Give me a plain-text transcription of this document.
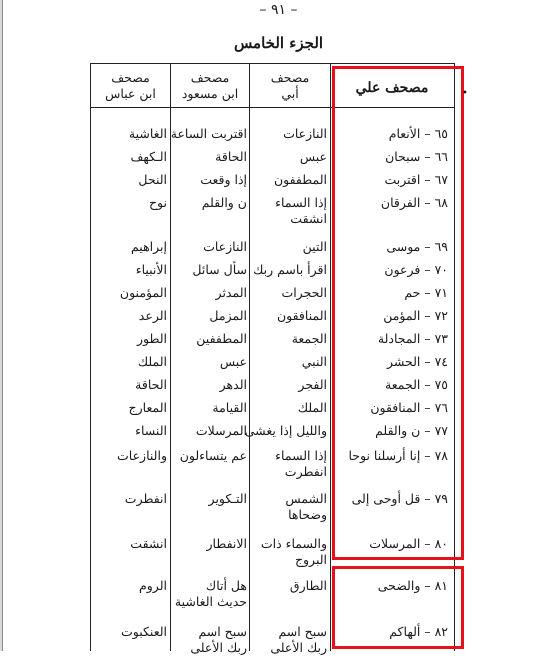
– ٩١ –
الجزء الخامس
مصحف علي
مصحف
أبي
مصحف
ابن مسعود
مصحف
ابن عباس
٦٥ – الأنعام
النازعات
اقتربت الساعة
الغاشية
٦٦ – سبحان
عبس
الحاقة
الـكهف
٦٧ – اقتربت
المطففون
إذا وقعت
النحل
٦٨ – الفرقان
إذا السماء
انشقت
ن والقلم
نوح
٦٩ – موسى
التين
النازعات
إبراهيم
٧٠ – فرعون
اقرأ باسم ربك
سأل سائل
الأنبياء
٧١ – حم
الحجرات
المدثر
المؤمنون
٧٢ – المؤمن
المنافقون
المزمل
الرعد
٧٣ – المجادلة
الجمعة
المطففين
الطور
٧٤ – الحشر
النبي
عبس
الملك
٧٥ – الجمعة
الفجر
الدهر
الحاقة
٧٦ – المنافقون
الملك
القيامة
المعارج
٧٧ – ن والقلم
والليل إذا يغشى
المرسلات
النساء
٧٨ – إنا أرسلنا نوحا
إذا السماء
انفطرت
عم يتساءلون
والنازعات
٧٩ – قل أوحى إلى
الشمس
وضحاها
التـكوير
انفطرت
٨٠ – المرسلات
والسماء ذات
البروج
الانفطار
انشقت
٨١ – والضحى
الطارق
هل أتاك
حديث الغاشية
الروم
٨٢ – ألهاكم
سبح اسم
ربك الأعلى
سبح اسم
ربك الأعلى
العنكبوت
•
